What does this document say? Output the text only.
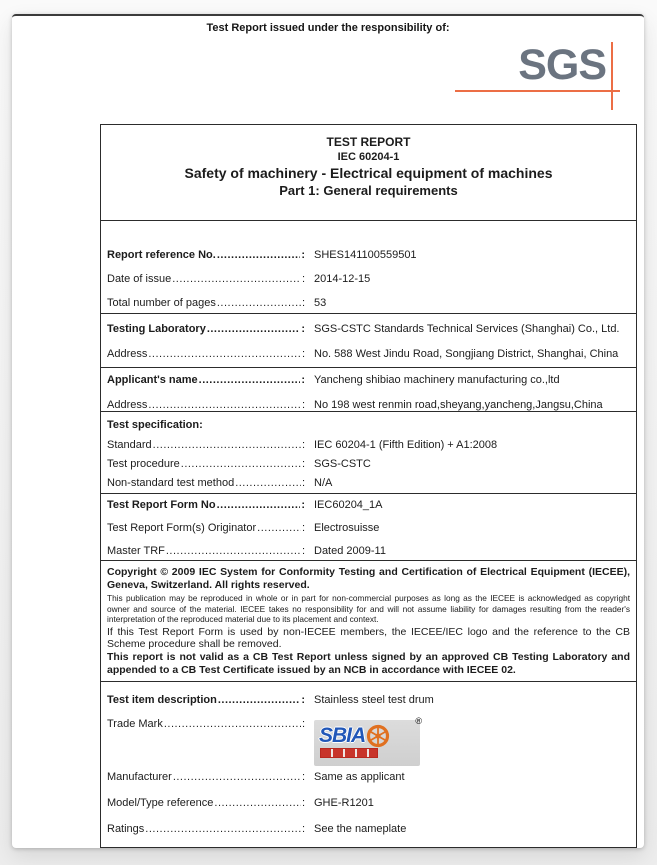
Test Report issued under the responsibility of:
SGS
TEST REPORT
IEC 60204-1
Safety of machinery - Electrical equipment of machines
Part 1: General requirements
Report reference No. .....	: SHES141100559501
Date of issue .....	: 2014-12-15
Total number of pages .....	: 53
Testing Laboratory .....	: SGS-CSTC Standards Technical Services (Shanghai) Co., Ltd.
Address .....	: No. 588 West Jindu Road, Songjiang District, Shanghai, China
Applicant's name .....	: Yancheng shibiao machinery manufacturing co.,ltd
Address .....	: No 198 west renmin road,sheyang,yancheng,Jangsu,China
Test specification:
Standard .....	: IEC 60204-1 (Fifth Edition) + A1:2008
Test procedure .....	: SGS-CSTC
Non-standard test method .....	: N/A
Test Report Form No .....	: IEC60204_1A
Test Report Form(s) Originator .....	: Electrosuisse
Master TRF .....	: Dated 2009-11
Copyright © 2009 IEC System for Conformity Testing and Certification of Electrical Equipment (IECEE), Geneva, Switzerland. All rights reserved.
This publication may be reproduced in whole or in part for non-commercial purposes as long as the IECEE is acknowledged as copyright owner and source of the material. IECEE takes no responsibility for and will not assume liability for damages resulting from the reader's interpretation of the reproduced material due to its placement and context.
If this Test Report Form is used by non-IECEE members, the IECEE/IEC logo and the reference to the CB Scheme procedure shall be removed.
This report is not valid as a CB Test Report unless signed by an approved CB Testing Laboratory and appended to a CB Test Certificate issued by an NCB in accordance with IECEE 02.
Test item description .....	: Stainless steel test drum
Trade Mark .....	:	®
SBIA
Manufacturer .....	: Same as applicant
Model/Type reference .....	: GHE-R1201
Ratings .....	: See the nameplate
